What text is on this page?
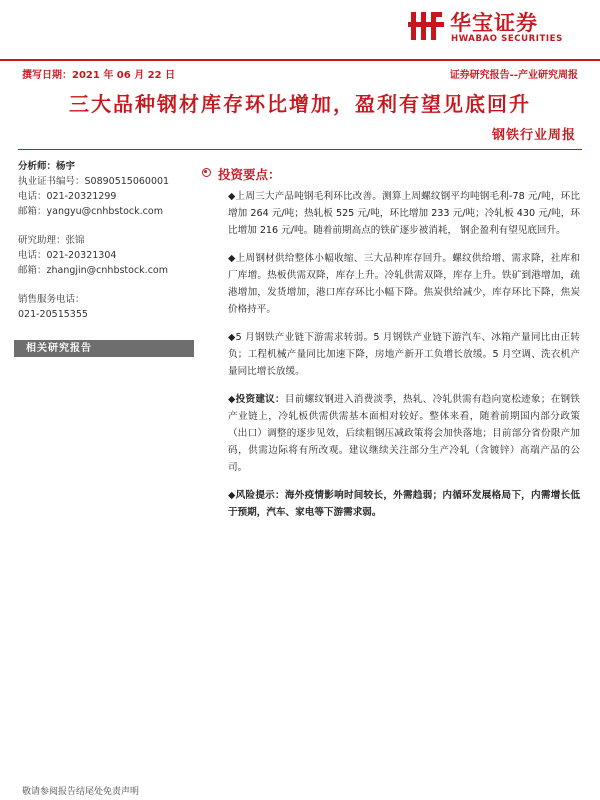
华宝证券
HWABAO SECURITIES
撰写日期：2021 年 06 月 22 日	证券研究报告--产业研究周报
三大品种钢材库存环比增加，盈利有望见底回升
钢铁行业周报
分析师：杨宇
执业证书编号：S0890515060001
电话：021-20321299
邮箱：yangyu@cnhbstock.com
研究助理：张锦
电话：021-20321304
邮箱：zhangjin@cnhbstock.com
销售服务电话：
021-20515355
相关研究报告
投资要点：

◆上周三大产品吨钢毛利环比改善。测算上周螺纹钢平均吨钢毛利-78 元/吨，环比增加 264 元/吨；热轧板 525 元/吨，环比增加 233 元/吨；冷轧板 430 元/吨，环比增加 216 元/吨。随着前期高点的铁矿逐步被消耗， 钢企盈利有望见底回升。

◆上周钢材供给整体小幅收缩、三大品种库存回升。螺纹供给增、需求降，社库和厂库增。热板供需双降，库存上升。冷轧供需双降，库存上升。铁矿到港增加，疏港增加，发货增加，港口库存环比小幅下降。焦炭供给减少，库存环比下降，焦炭价格持平。

◆5 月钢铁产业链下游需求转弱。5 月钢铁产业链下游汽车、冰箱产量同比由正转负；工程机械产量同比加速下降，房地产新开工负增长放缓。5 月空调、洗衣机产量同比增长放缓。

◆投资建议：目前螺纹钢进入消费淡季，热轧、冷轧供需有趋向宽松迹象；在钢铁产业链上，冷轧板供需供需基本面相对较好。整体来看，随着前期国内部分政策（出口）调整的逐步见效，后续粗钢压减政策将会加快落地；目前部分省份限产加码，供需边际将有所改观。建议继续关注部分生产冷轧（含镀锌）高端产品的公司。

◆风险提示：海外疫情影响时间较长，外需趋弱；内循环发展格局下，内需增长低于预期，汽车、家电等下游需求弱。

敬请参阅报告结尾处免责声明
